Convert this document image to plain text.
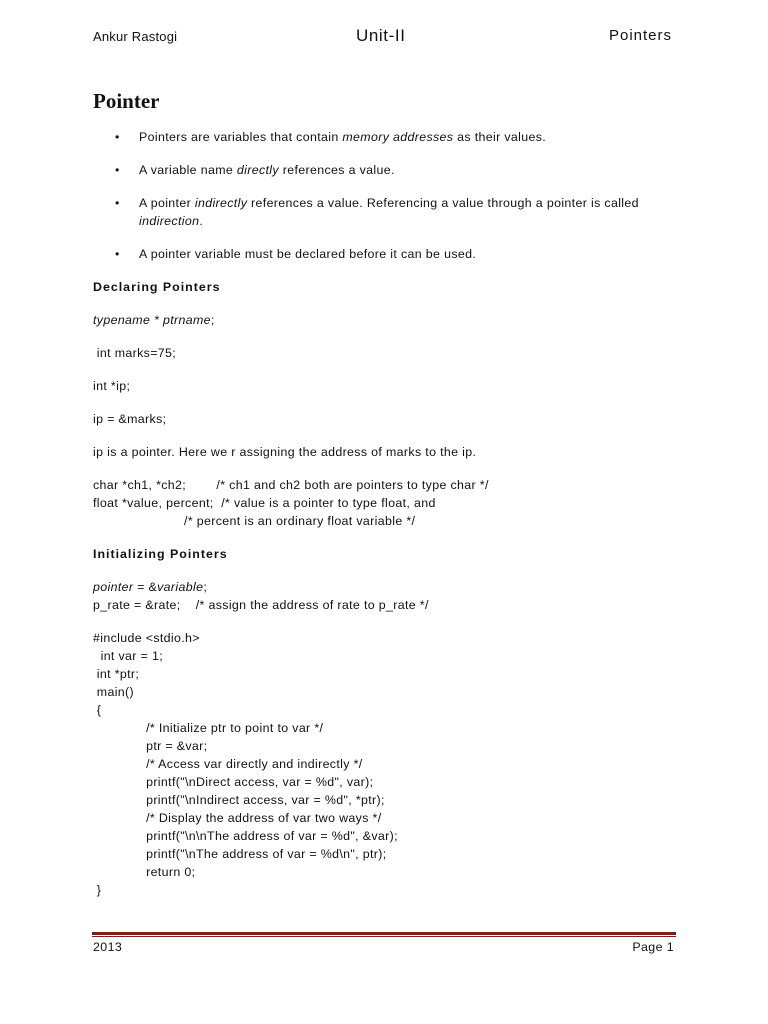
Ankur Rastogi	Unit-II	Pointers
Pointer
• Pointers are variables that contain memory addresses as their values.
• A variable name directly references a value.
• A pointer indirectly references a value. Referencing a value through a pointer is called indirection.
• A pointer variable must be declared before it can be used.
Declaring Pointers
typename * ptrname;
int marks=75;
int *ip;
ip = &marks;
ip is a pointer. Here we r assigning the address of marks to the ip.
char *ch1, *ch2;        /* ch1 and ch2 both are pointers to type char */
float *value, percent;  /* value is a pointer to type float, and
/* percent is an ordinary float variable */
Initializing Pointers
pointer = &variable;
p_rate = &rate;    /* assign the address of rate to p_rate */
#include <stdio.h>
int var = 1;
int *ptr;
main()
{
/* Initialize ptr to point to var */
ptr = &var;
/* Access var directly and indirectly */
printf("\nDirect access, var = %d", var);
printf("\nIndirect access, var = %d", *ptr);
/* Display the address of var two ways */
printf("\n\nThe address of var = %d", &var);
printf("\nThe address of var = %d\n", ptr);
return 0;
}
2013	Page 1
